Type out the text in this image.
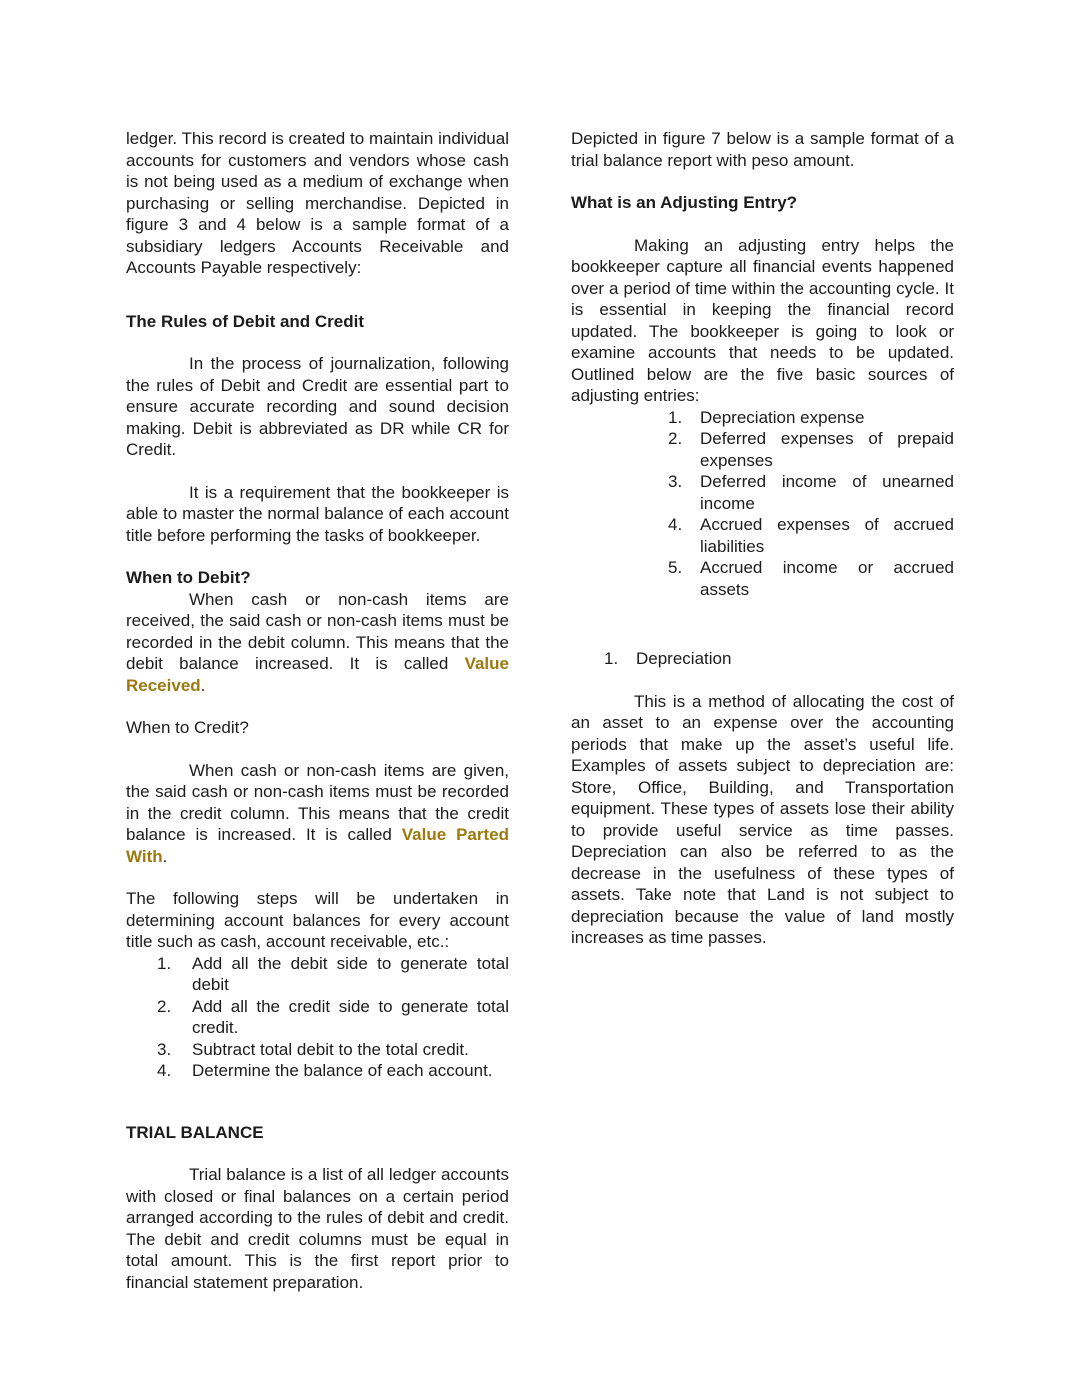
ledger. This record is created to maintain individual accounts for customers and vendors whose cash is not being used as a medium of exchange when purchasing or selling merchandise. Depicted in figure 3 and 4 below is a sample format of a subsidiary ledgers Accounts Receivable and Accounts Payable respectively:

The Rules of Debit and Credit

In the process of journalization, following the rules of Debit and Credit are essential part to ensure accurate recording and sound decision making. Debit is abbreviated as DR while CR for Credit.

It is a requirement that the bookkeeper is able to master the normal balance of each account title before performing the tasks of bookkeeper.

When to Debit?

When cash or non-cash items are received, the said cash or non-cash items must be recorded in the debit column. This means that the debit balance increased. It is called Value Received.

When to Credit?

When cash or non-cash items are given, the said cash or non-cash items must be recorded in the credit column. This means that the credit balance is increased. It is called Value Parted With.

The following steps will be undertaken in determining account balances for every account title such as cash, account receivable, etc.:

1. Add all the debit side to generate total debit
2. Add all the credit side to generate total credit.
3. Subtract total debit to the total credit.
4. Determine the balance of each account.

TRIAL BALANCE

Trial balance is a list of all ledger accounts with closed or final balances on a certain period arranged according to the rules of debit and credit. The debit and credit columns must be equal in total amount. This is the first report prior to financial statement preparation.

Depicted in figure 7 below is a sample format of a trial balance report with peso amount.

What is an Adjusting Entry?

Making an adjusting entry helps the bookkeeper capture all financial events happened over a period of time within the accounting cycle. It is essential in keeping the financial record updated. The bookkeeper is going to look or examine accounts that needs to be updated. Outlined below are the five basic sources of adjusting entries:

1. Depreciation expense
2. Deferred expenses of prepaid expenses
3. Deferred income of unearned income
4. Accrued expenses of accrued liabilities
5. Accrued income or accrued assets
1. Depreciation

This is a method of allocating the cost of an asset to an expense over the accounting periods that make up the asset’s useful life. Examples of assets subject to depreciation are: Store, Office, Building, and Transportation equipment. These types of assets lose their ability to provide useful service as time passes. Depreciation can also be referred to as the decrease in the usefulness of these types of assets. Take note that Land is not subject to depreciation because the value of land mostly increases as time passes.
